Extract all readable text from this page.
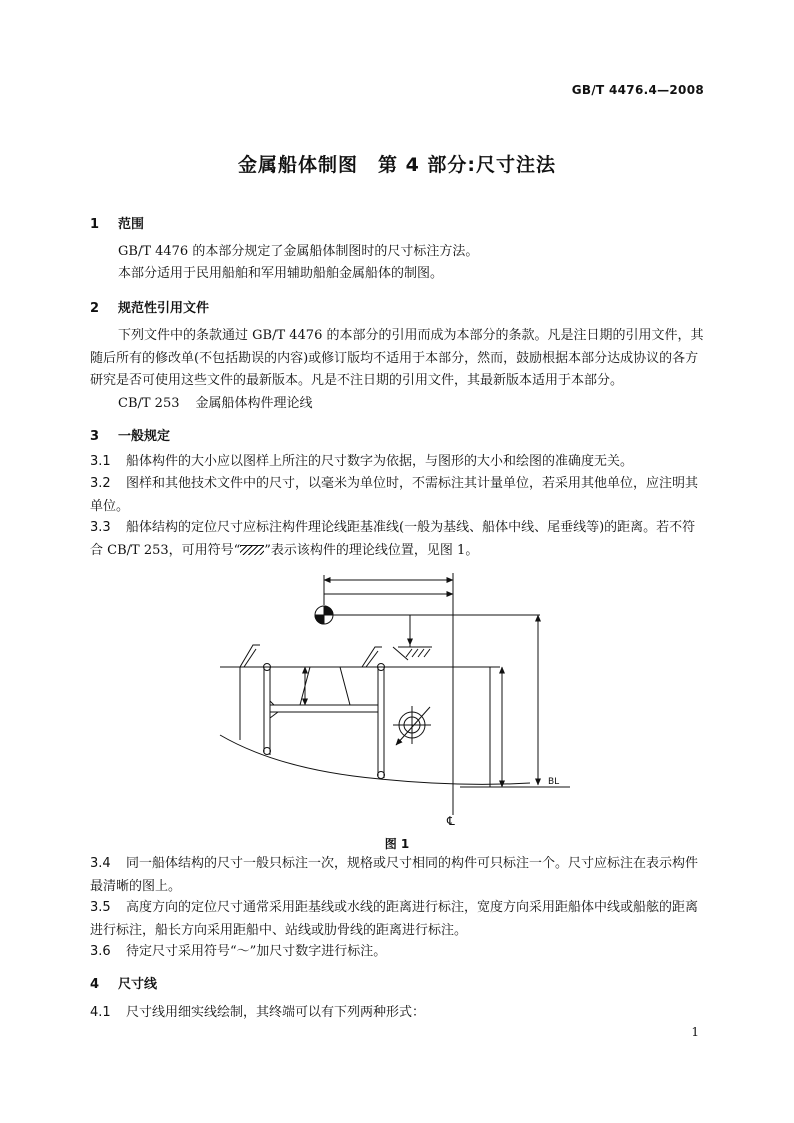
GB/T 4476.4—2008
金属船体制图　第 4 部分:尺寸注法
1 范围
GB/T 4476 的本部分规定了金属船体制图时的尺寸标注方法。
本部分适用于民用船舶和军用辅助船舶金属船体的制图。
2 规范性引用文件
下列文件中的条款通过 GB/T 4476 的本部分的引用而成为本部分的条款。凡是注日期的引用文件，其随后所有的修改单(不包括勘误的内容)或修订版均不适用于本部分，然而，鼓励根据本部分达成协议的各方研究是否可使用这些文件的最新版本。凡是不注日期的引用文件，其最新版本适用于本部分。
CB/T 253 金属船体构件理论线
3 一般规定
3.1 船体构件的大小应以图样上所注的尺寸数字为依据，与图形的大小和绘图的准确度无关。
3.2 图样和其他技术文件中的尺寸，以毫米为单位时，不需标注其计量单位，若采用其他单位，应注明其单位。
3.3 船体结构的定位尺寸应标注构件理论线距基准线(一般为基线、船体中线、尾垂线等)的距离。若不符合 CB/T 253，可用符号“ ”表示该构件的理论线位置，见图 1。
BL
℄
图 1
3.4 同一船体结构的尺寸一般只标注一次，规格或尺寸相同的构件可只标注一个。尺寸应标注在表示构件最清晰的图上。
3.5 高度方向的定位尺寸通常采用距基线或水线的距离进行标注，宽度方向采用距船体中线或船舷的距离进行标注，船长方向采用距船中、站线或肋骨线的距离进行标注。
3.6 待定尺寸采用符号“～”加尺寸数字进行标注。
4 尺寸线
4.1 尺寸线用细实线绘制，其终端可以有下列两种形式：
1
